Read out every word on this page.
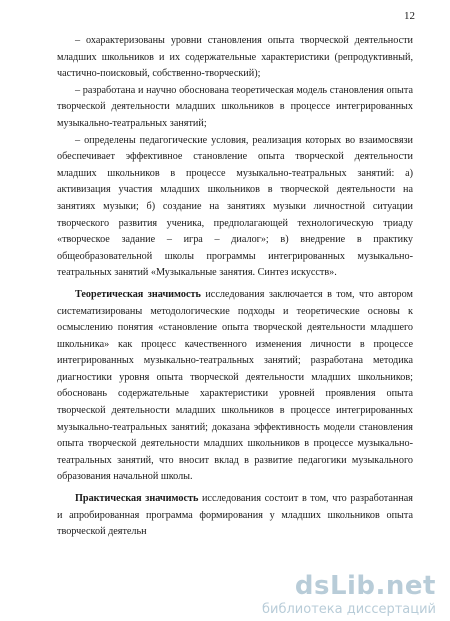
12

– охарактеризованы уровни становления опыта творческой деятельности младших школьников и их содержательные характеристики (репродуктивный, частично-поисковый, собственно-творческий);

– разработана и научно обоснована теоретическая модель становления опыта творческой деятельности младших школьников в процессе интегрированных музыкально-театральных занятий;

– определены педагогические условия, реализация которых во взаимосвязи обеспечивает эффективное становление опыта творческой деятельности младших школьников в процессе музыкально-театральных занятий: а) активизация участия младших школьников в творческой деятельности на занятиях музыки; б) создание на занятиях музыки личностной ситуации творческого развития ученика, предполагающей технологическую триаду «творческое задание – игра – диалог»; в) внедрение в практику общеобразовательной школы программы интегрированных музыкально-театральных занятий «Музыкальные занятия. Синтез искусств».

Теоретическая значимость исследования заключается в том, что автором систематизированы методологические подходы и теоретические основы к осмыслению понятия «становление опыта творческой деятельности младшего школьника» как процесс качественного изменения личности в процессе интегрированных музыкально-театральных занятий; разработана методика диагностики уровня опыта творческой деятельности младших школьников; обосновань содержательные характеристики уровней проявления опыта творческой деятельности младших школьников в процессе интегрированных музыкально-театральных занятий; доказана эффективность модели становления опыта творческой деятельности младших школьников в процессе музыкально-театральных занятий, что вносит вклад в развитие педагогики музыкального образования начальной школы.

Практическая значимость исследования состоит в том, что разработанная и апробированная программа формирования у младших школьников опыта творческой деятельн

dsLib.net
библиотека диссертаций
